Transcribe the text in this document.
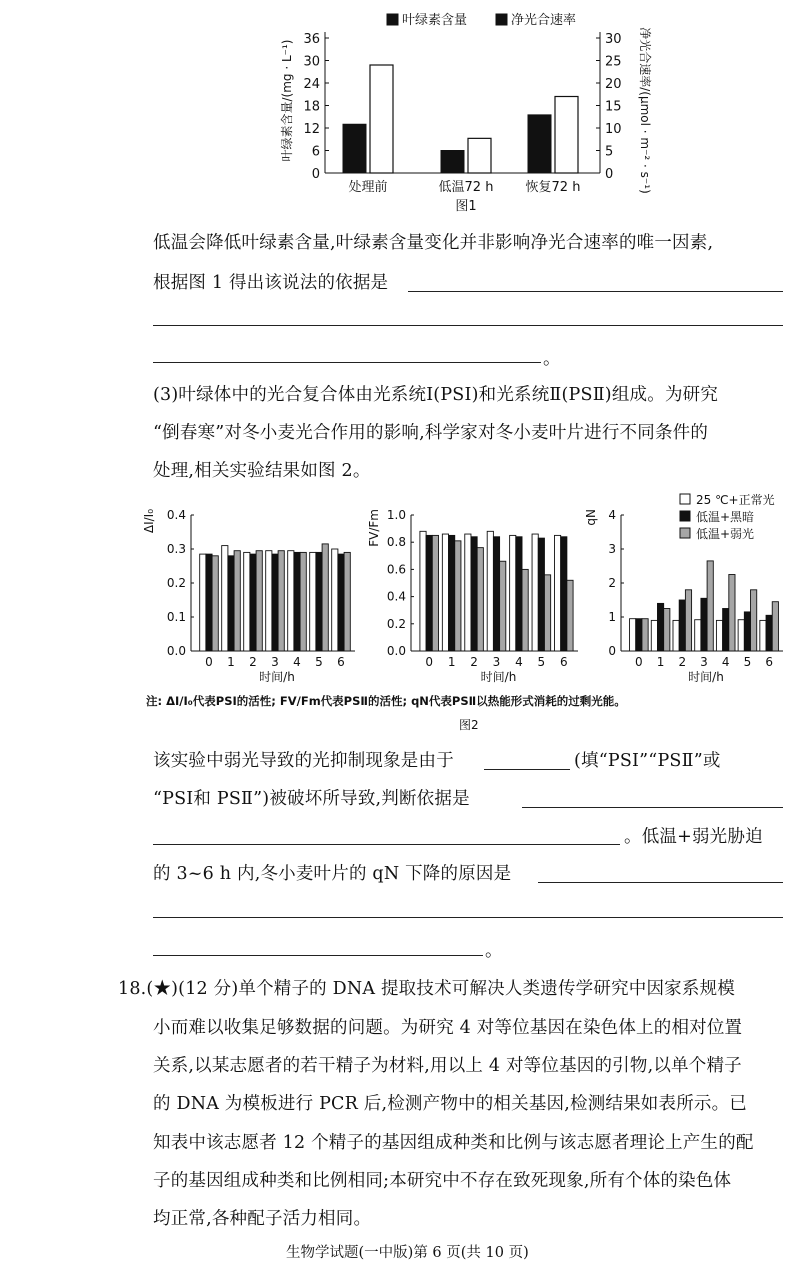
0
6
12
18
24
30
36
0
5
10
15
20
25
30
叶绿素含量/(mg · L⁻¹)	净光合速率/(μmol · m⁻² · s⁻¹)
处理前	低温72 h 恢复72 h
叶绿素含量	净光合速率
图1
低温会降低叶绿素含量,叶绿素含量变化并非影响净光合速率的唯一因素,
根据图 1 得出该说法的依据是
。
(3)叶绿体中的光合复合体由光系统Ⅰ(PSⅠ)和光系统Ⅱ(PSⅡ)组成。为研究
“倒春寒”对冬小麦光合作用的影响,科学家对冬小麦叶片进行不同条件的
处理,相关实验结果如图 2。
0.0
0.1
0.2
0.3
0.4
ΔI/I₀
0 1 2 3 4 5 6
时间/h
0.0
0.2
0.4
0.6
0.8
1.0
FV/Fm
0 1 2 3 4 5 6
时间/h
0
1
2
3
4
qN
0 1 2 3 4 5 6
时间/h
25 ℃+正常光
低温+黑暗
低温+弱光
注: ΔI/I₀代表PSⅠ的活性; FV/Fm代表PSⅡ的活性; qN代表PSⅡ以热能形式消耗的过剩光能。
图2
该实验中弱光导致的光抑制现象是由于	(填“PSⅠ”“PSⅡ”或
“PSⅠ和 PSⅡ”)被破坏所导致,判断依据是
。低温+弱光胁迫
的 3~6 h 内,冬小麦叶片的 qN 下降的原因是
。
18.(★)(12 分)单个精子的 DNA 提取技术可解决人类遗传学研究中因家系规模
小而难以收集足够数据的问题。为研究 4 对等位基因在染色体上的相对位置
关系,以某志愿者的若干精子为材料,用以上 4 对等位基因的引物,以单个精子
的 DNA 为模板进行 PCR 后,检测产物中的相关基因,检测结果如表所示。已
知表中该志愿者 12 个精子的基因组成种类和比例与该志愿者理论上产生的配
子的基因组成种类和比例相同;本研究中不存在致死现象,所有个体的染色体
均正常,各种配子活力相同。
生物学试题(一中版)第 6 页(共 10 页)
